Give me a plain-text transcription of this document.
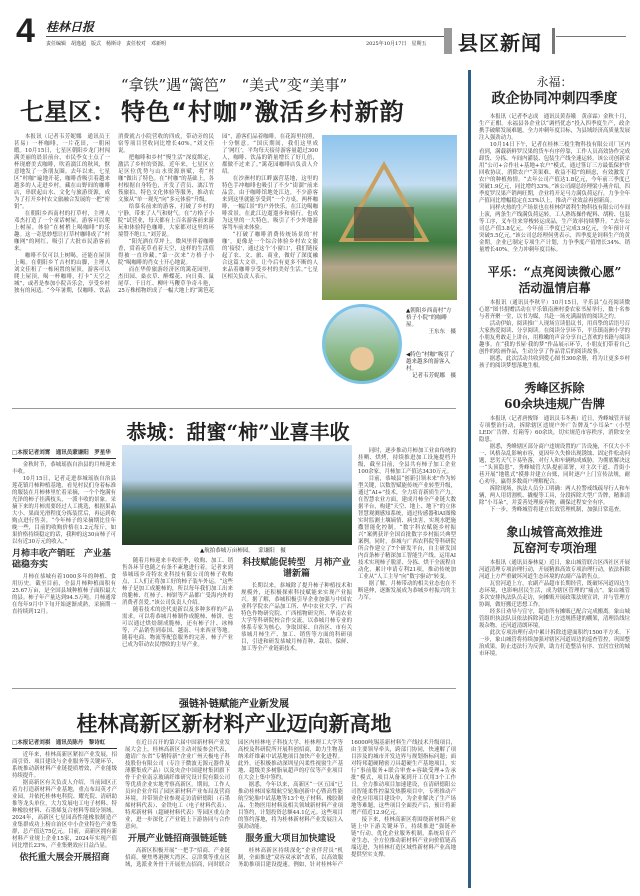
4 桂林日报
责任编辑　胡逸超 版式　杨斯诗 责任校对　邓新明	2025年10月17日　星期五 县区新闻
“拿铁”遇“篱笆”　“美式”变“美事”
七星区： 特色“村咖”激活乡村新韵

本报讯（记者韦芳妮娜　通讯员王甚易）一杯咖啡，一片花田，一朝闲暇。10月15日，七星区朝阳乡龙门村闯满美丽的晨景前台，市民李女士点了一杯现磨美式咖啡，吹着漓江的秋风，惬意地发了一条朋友圈。去年以来，七星区“村咖”遍地开花，咖啡香吸引着越来越多的人走进乡村。藏在山野间的咖啡店，串联起山水、文化与旅游资源，成为了打开乡村农文旅融合发展的一把“密钥”。

在朝阳乡西南村的打草村，主理人邓杰打造了一个童话树屋，游客可以爬上树屋，体验“在树梢上喝咖啡”的乐趣。这一奇思妙想让打草村咖啡成了“村咖网”的网红，吸引了大批市民游客前来。

咖啡不仅可以上树喝，还能在屋顶上喝。在朝阳乡丫吉村的山脚，主理人刘文佳租了一栋闲置的屋顶，游客可以爬上屋顶，喝一杯咖啡，打卡“天空之城”，或者是参加小院音乐会，享受乡村独有的闲适。“今年暑期，仅咖啡、饮品消费就占小院营收的四成，带动旁的民宿等项目营收同比增长40%。”刘文佳说。

把咖啡和乡村“慢生活”深度绑定，激活了乡村的资源。近年来，七星区立足区位优势与山水资源禀赋，将“村咖”做出了特色。在“村咖”的基础上，各村根据自身特色，开发了营员、漓江竹筏旅拍、特色文化体验等服务，推动农文旅从“单一观光”向“多元体验”升级。

给慕名前来的游客，打破了乡村的宁静，带来了人气和财气。在“方格子小院”试营业，每天都有上百名游客前来游玩和体验特色咖啡，大家都对这里的环境赞不绝口。”刘芳说。

“阳光洒在草坪上，微风里伴着咖啡香，赏着花草看着天空，这样的生活值得被一直珍藏。”第一次来“方格子小院”喝咖啡的肖女士开心地说。

而在华侨旅游经济区的篱花园里，杰田园、桑衣草、醉蝶花、向日葵、鼠尾草、千日红、柳叶马鞭草争奇斗艳，25万株植物织成了一幅大地上的“篱笆花园”，游客们品着咖啡，在花海里拍照，十分惬意。“国庆期间，我们这里成了‘网红’，平均每天接待游客量超过300人，咖啡、饮品的销量增长了好几倍，都做不过来了。”篱花园咖啡店负责人介绍。

在沙洲村的江畔露营基地，这里的特色手冲咖啡也吸引了不少“街溜”前来品尝。由于咖啡馆地处江边，不少游客来到这里就能享受到“一个方桌，两杯咖啡，一幅江景”的户外快乐。在江边喝咖啡赏景，在此江边遛遛步和骑行，也成为这里的一大特色，吸引了不少外地游客驾车前来体验。

“打破了咖啡消费传统场景的‘村咖’，更像是一个综合体验乡村农文旅的‘接驳’，通过这个‘小窗口’，我们链接起了农、文、旅、商业，做好了深度融合这篇大文章，让今后有更多不断的人来品着咖啡享受乡村的美好生活。”七星区相关负责人表示。

▲朝阳乡西南村“方格子小院”的咖啡屋。
王东东　摄
◀特色“村咖”吸引了越来越多的游客入村。
记者韦芳妮娜　摄
恭城：甜蜜“柿”业喜丰收
□本报记者刘霄　通讯员蒙谦阳　罗星华

金秋时节，恭城瑶族自治县的月柿迎来丰收。

10月15日，记者走进恭城瑶族自治县莲花镇月柿种植基地，看见村民们身着标准的服装在月柿林里忙着采摘，一个个饱满有光泽的柿子挂满枝头，一派丰收的景象。采摘下来的月柿需要经过人工挑选，根据果品大小、果面光滑程度分拣装筐后，再运到收购点进行售卖。“今年柿子的采摘期比往年晚一些，目前的收购价格在1.2元每斤，如果价格持续稳定的话，我种的这30亩柿子可以有近30万元的收入。”

月柿丰收产销旺　产业基础稳夯实

月柿在恭城有着1000多年的种植、食用历史。截至目前，全县月柿种植面积有25.67万亩，是全国县域种植柿子面积最大的县。柿子年产量达到94.5万吨。月柿通常在每年9月中下旬开始逐渐成熟，采摘期一直持续到12月。

▲航拍恭城万亩柿园。　 蒙谦阳　摄

随着月柿迎来丰收旺季，收购、加工、销售各环节也随之有条不紊地进行着。记者来到恭城瑶乡奇特农业科技有限公司的柿子收购点，工人们正将加工好的柿子装车外运。“这些柿子是加工成脆柿的，所以每年我们加工出来的脆柿、红柿子、柿饼等产品都广受海内外的消费者喜爱。”该公司负责人介绍。

随着技术的迭代更新以及多种多样的产品需求，可以将恭城月柿制作成脆柿、柿饼，也可以通过烘焙制成脆柿，还有柿子汁、冰柿等，产品销售到泰国、越南、马来西亚等地。随着电商、物流等配套服务的完善，柿子产业已成为带动农民增收的主导产业。

科技赋能促转型　月柿产业谱新篇

长期以来，恭城除了提升柿子种植技术和规模外，还积极探索科技赋能来实现产业振兴。据了解，恭城积极引导企业加强与中国农业科学院农产品加工所、华中农业大学、广西特色作物研究院、广西植物研究所、华南农业大学等科研院校合作交流，以恭城月柿专业的体系专家为核心，争取国家、自治区、市有关恭城月柿生产、加工、销售等方面的科研项目，引进和研发恭城月柿育种、栽培、保鲜、加工等全产业链新技术。

同时，逐步推动月柿加工业由传统的挂晒、烘烤，持续推进加工设施提档升级，截至目前，全县共有柿子加工企业100余家，月柿加工产值达3430万元。

目前，恭城县“创新引领未来”作为转型关键，以数智赋能传统产业转型升级，通过“AI+”技术，全力培育新质生产力。在智慧农业方面，建成月柿全产业链大数据平台，构建“天空、地上、地下”的立体智慧观测感知系统，通过传感器和AI图像实时监测土壤墒情、病虫害，实现水肥施撒智能化控制。“数字科农赋能乡村振兴”案例获评全国首批数字乡村振兴典型案例。同时，恭城与广西农科院等科研院所合作建立了7个研发平台，自主研发国内首条柿子精深加工智能生产线。运用AI技术实现柿子脱涩、分拣、烘干全流程自动化，累计申请专利21项，推动传统加工业从“人工主导”向“数字驱动”转变。

据了解，月柿带动的相关业态也在不断延伸，逐渐发展成为恭城乡村振兴的主力军。

强链补链赋能产业新发展
桂林高新区新材料产业迈向新高地
□本报记者刘祺　通讯员陈丹　黎诗虹

近年来，桂林高新区紧扣产业发展，招商引资、项目建设与企业服务等关键环节，系统推动新材料产业链提质增效，产业能级持续提升。

据高新区有关负责人介绍，当前园区正着力打造新材料产业基地，重点布局英才产业园，并依托桂林电科院、耀光院、清研助推等龙头单位，大力发展电工电子材料、特种橡胶材料、石墨烯复合材料等细分领域。2024年，高新区七星园高性能橡胶制造产业集群成功上榜自治区中小企业特色产业集群，总产值达75亿元。目前，高新区拥有新材料产业规上企业15家，2024年实现产值同比增长23%，产业集聚效应日益凸显。

依托重大展会开展招商

在近日召开的第六届中国新材料产业发展大会上，桂林高新区主动对接参会代表，邀请广东省“专精特新”企业广州天极电子科技股份有限公司（专注于微波无源元器件及薄膜集成产品）以及央企中国建材集团旗下骨干企业南京玻璃纤维研究设计院有限公司等优质企业实地考察高新区。期间，工作人员向企业介绍了园区新材料产业布局及营商环境，并带领企业参观走访清研德阳（石墨烯材料代表）、金铁电工（电子材料代表）、特邦新材料（超硬材料代表）等园区重点企业，进一步深化了产业链上下游协同与合作意向。

开展产业链招商强链延链

高新区积极开展“一把手”招商、产业链招商，聚焦粤港澳大湾区、京津冀等重点区域，选派业务骨干开展驻点招商，同时联合园区内桂林电子科技大学、桂林理工大学等高校及科研院所开展科创招商，助力生物基纳米纤维素中试基地项目加快产业化进程。此外，还积极推动深圳星闪柔性视窗生产基地、超级美多树脂氧超声的疗仪等产业项目在大会上集中签约。

据悉，今年以来，高新区“一区五园”已推动桂林国家级航空轮胎创新中心暨高性能航空轮胎中试基地等13个电子材料、橡胶制品、生物医用材料及相关领域新材料产业项目签约，计划投资总额44.1亿元。这些项目的签约落地，将为桂林新材料产业发展注入强劲动能。

服务重大项目加快建设

桂林高新区持续深化“企业伴营员”机制，全面推进“双容双承诺”改革，以高效服务助推项目建设提速。例如，针对桂林年产16000吨锡基新材料生产线技术升级项目，由主要领导牵头，跨部门协同，快速解了项目涉及的城市开发边界与规划指标问题；面对特邦超硬精密刀具超硬生产基地项目，实行“事前服务+联合审查+容缺受理+告承批”模式，项目从备案到开工仅用3个工作日。全力推动项目加速建设，在清研德阳公司智能柔性控温发热膜项目中，专班推动产业化应用项目建设中，为企业解决了生产场地等难题，这些项目全面投产后，预计将新增产值近12.9亿元。

接下来，桂林高新区将围绕新材料产业链上中下游关键环节，持续推进“强链补链”行动，优化企业服务机制，系统培育产业生态，全方位推动新材料产业向价值链高端迈进，为桂林打造区域性新材料产业高地提供坚实支撑。

永福：
政企协同冲刺四季度

本报讯（记者李志成　通讯员黄春娥　黄彦霖）金秋十月，生产正酣。永福县各企业以“调档优态”投入四季度生产，政企携手破解发展难题，全力冲刺年度目标，为县域经济高质量发展注入强劲动力。

10月14日下午，记者在桂林三棱生物科技有限公司厂区内看到，满载新鲜罗汉果的货车有序停靠，工作人员高效协作完成卸货、分拣、车间内灌装、包装生产线全速运转。该公司创新采用“公司+合作社+基地+农户”模式，通过签订三方最低保护价回收协议，消除农户“卖果难、收益不稳”的顾虑，有效激发了农户的种植热情。“去年公司产值达1.8亿元，今年前三季度已突破1.9亿元，同比增约33%。”该公司副总经理梁小燕介绍，四季度罗汉果产销两旺期，企业将开足马力满负荷运行，力争全年产值同比增幅稳定在33%以上，推动产业效益再创新高。

同样火热的生产场景也在桂林伊诺利生物科技有限公司车间上演，两条生产线满负荷运转，工人熟练操作配料、胡粉、包装等工序，叉车往来穿梭转运成品，生产效率持续攀升。“去年公司总产值3.8亿元，今年前三季度已完成3.9亿元，全年预计可突破5.5亿元。”该公司总经理何勇表示，四季度是饲料生产的黄金期，企业已制定专项生产计划，力争季度产值增长34%、销量增长40%，全力冲刺年度目标。

平乐：“点亮阅读微心愿”
活动温情启幕

本报讯（通讯员李秋平）10月15日，平乐县“点亮阅读微心愿”图书捐赠活动在平乐镇南洲村委农家书屋举行，数十名参与者齐聚一堂，以书为媒，共赴一场充满温情的阅读之约。

活动伊始，阅读推广人现场宣读倡议书，用真挚的话语号召大家热爱阅读、分享阅读。在阅读分享环节，平乐镇南洲小学的小朋友勇敢走上讲台，用稚嫩的声音分享自己喜欢的书籍与阅读趣事。在“我的书屋·我的梦”作品展示环节，小朋友们带着自己创作的绘画作品，生动分享了作品背后的阅读故事。

据悉，此次活动共收到爱心图书300余册，将为让更多乡村孩子的阅读梦想落地生根。

秀峰区拆除
60余块违规广告牌

本报讯（记者唐俊锋　通讯员韦冬燕）近日，秀峰城管开展专项整治行动，拆除辖区违规户外广告牌及“小耳朵”（小型LED广告牌、灯箱等）60余块，切实规范市容秩序，消除安全隐患。

据悉，秀峰辖区部分商户违规设置的广告设施，不仅大小不一、风格杂乱影响市容，更因年久失修出现锈蚀、固定件松动问题，恶劣天气下易坠落，对行人和车辆构成威胁。为彻底解决这一“头顶隐患”，秀峰城管大队提前部署，对主次干道、背街小巷开展“地毯式”摸排并建立台账，同时逐户上门宣传法规，耐心劝导，赢得多数商户理解配合。

拆除现场，执法人员分工明确：两人拉警戒线疏导行人和车辆，两人用切割机、撬棍等工具，分段拆除大型广告牌，精准清除“小耳朵”，并妥善处理废弃物，确保过程安全有序。

下一步，秀峰城管将建立长效管理机制，加强日常巡查。

象山城管高效推进
瓦窑河专项治理

本报讯（通讯员秦林夏）近日，象山城管联合区西社区开展河道清理专项治理行动，开展精准高效专项治理行动，依法拆除河道上方严重破坏河道生态环境的农副产品销售点。

瓦窑河道上方，农副产品超市长期经营，既破坏河道周边生态环境，也影响居民生活，成为辖区管理的“痛点”。象山城管多次安排执法队员走访，向摊贩开展政策法规宣讲，并与管理方协调，做好搬迁思想工作。

经多日劝导与宣守，超市所有摊贩已配合完成搬离。象山城管组织执法队员依法拆除河道上方违规搭建的棚架，清理沿线垃圾杂物，还河道清朗环境。

此次专项治理行动中累计拆除违建面积约1500平方米。下一步，象山城管将持续加强对辖区河道周边的巡查管控，巩固整治成果，防止违法行为反弹，助力打造整洁有序、宜居宜业的城市环境。
